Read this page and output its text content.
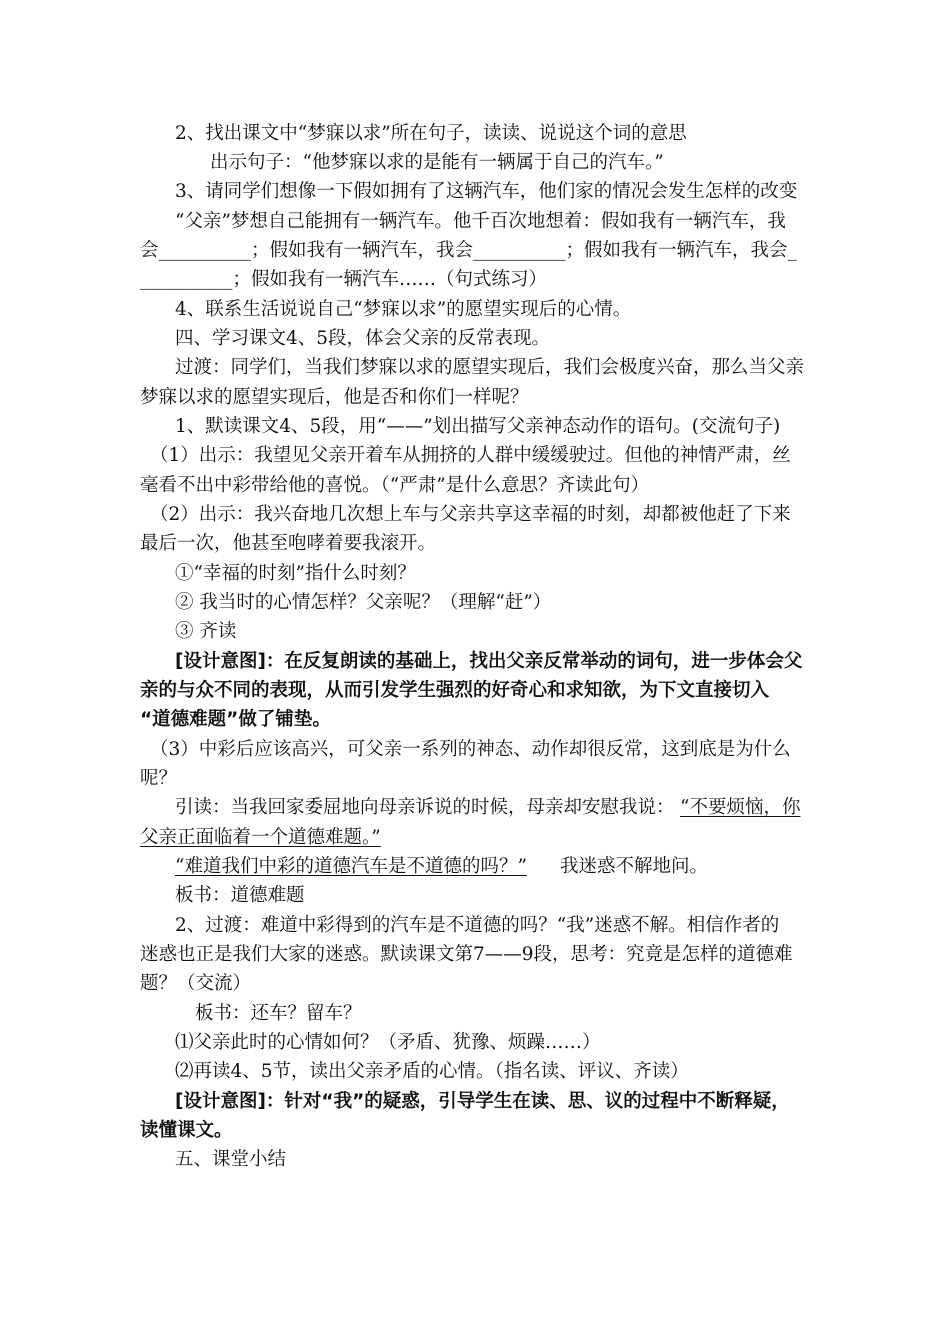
2、找出课文中“梦寐以求”所在句子，读读、说说这个词的意思
出示句子：“他梦寐以求的是能有一辆属于自己的汽车。”
3、请同学们想像一下假如拥有了这辆汽车，他们家的情况会发生怎样的改变
“父亲”梦想自己能拥有一辆汽车。他千百次地想着：假如我有一辆汽车，我
会__________；假如我有一辆汽车，我会__________；假如我有一辆汽车，我会_
__________；假如我有一辆汽车……（句式练习）
4、联系生活说说自己“梦寐以求”的愿望实现后的心情。
四、学习课文4、5段，体会父亲的反常表现。
过渡：同学们，当我们梦寐以求的愿望实现后，我们会极度兴奋，那么当父亲
梦寐以求的愿望实现后，他是否和你们一样呢？
1、默读课文4、5段，用“——”划出描写父亲神态动作的语句。(交流句子)
（1）出示：我望见父亲开着车从拥挤的人群中缓缓驶过。但他的神情严肃，丝
毫看不出中彩带给他的喜悦。（“严肃”是什么意思？齐读此句）
（2）出示：我兴奋地几次想上车与父亲共享这幸福的时刻，却都被他赶了下来
最后一次，他甚至咆哮着要我滚开。
①“幸福的时刻”指什么时刻？
② 我当时的心情怎样？父亲呢？（理解“赶”）
③ 齐读
[设计意图]：在反复朗读的基础上，找出父亲反常举动的词句，进一步体会父
亲的与众不同的表现，从而引发学生强烈的好奇心和求知欲，为下文直接切入
“道德难题”做了铺垫。
（3）中彩后应该高兴，可父亲一系列的神态、动作却很反常，这到底是为什么
呢？
引读：当我回家委屈地向母亲诉说的时候，母亲却安慰我说： “不要烦恼，你
父亲正面临着一个道德难题。”
“难道我们中彩的道德汽车是不道德的吗？” 我迷惑不解地问。
板书：道德难题
2、过渡：难道中彩得到的汽车是不道德的吗？“我”迷惑不解。相信作者的
迷惑也正是我们大家的迷惑。默读课文第7——9段，思考：究竟是怎样的道德难
题？（交流）
板书：还车？留车？
⑴父亲此时的心情如何？（矛盾、犹豫、烦躁……）
⑵再读4、5节，读出父亲矛盾的心情。（指名读、评议、齐读）
[设计意图]：针对“我”的疑惑，引导学生在读、思、议的过程中不断释疑，
读懂课文。
五、课堂小结
